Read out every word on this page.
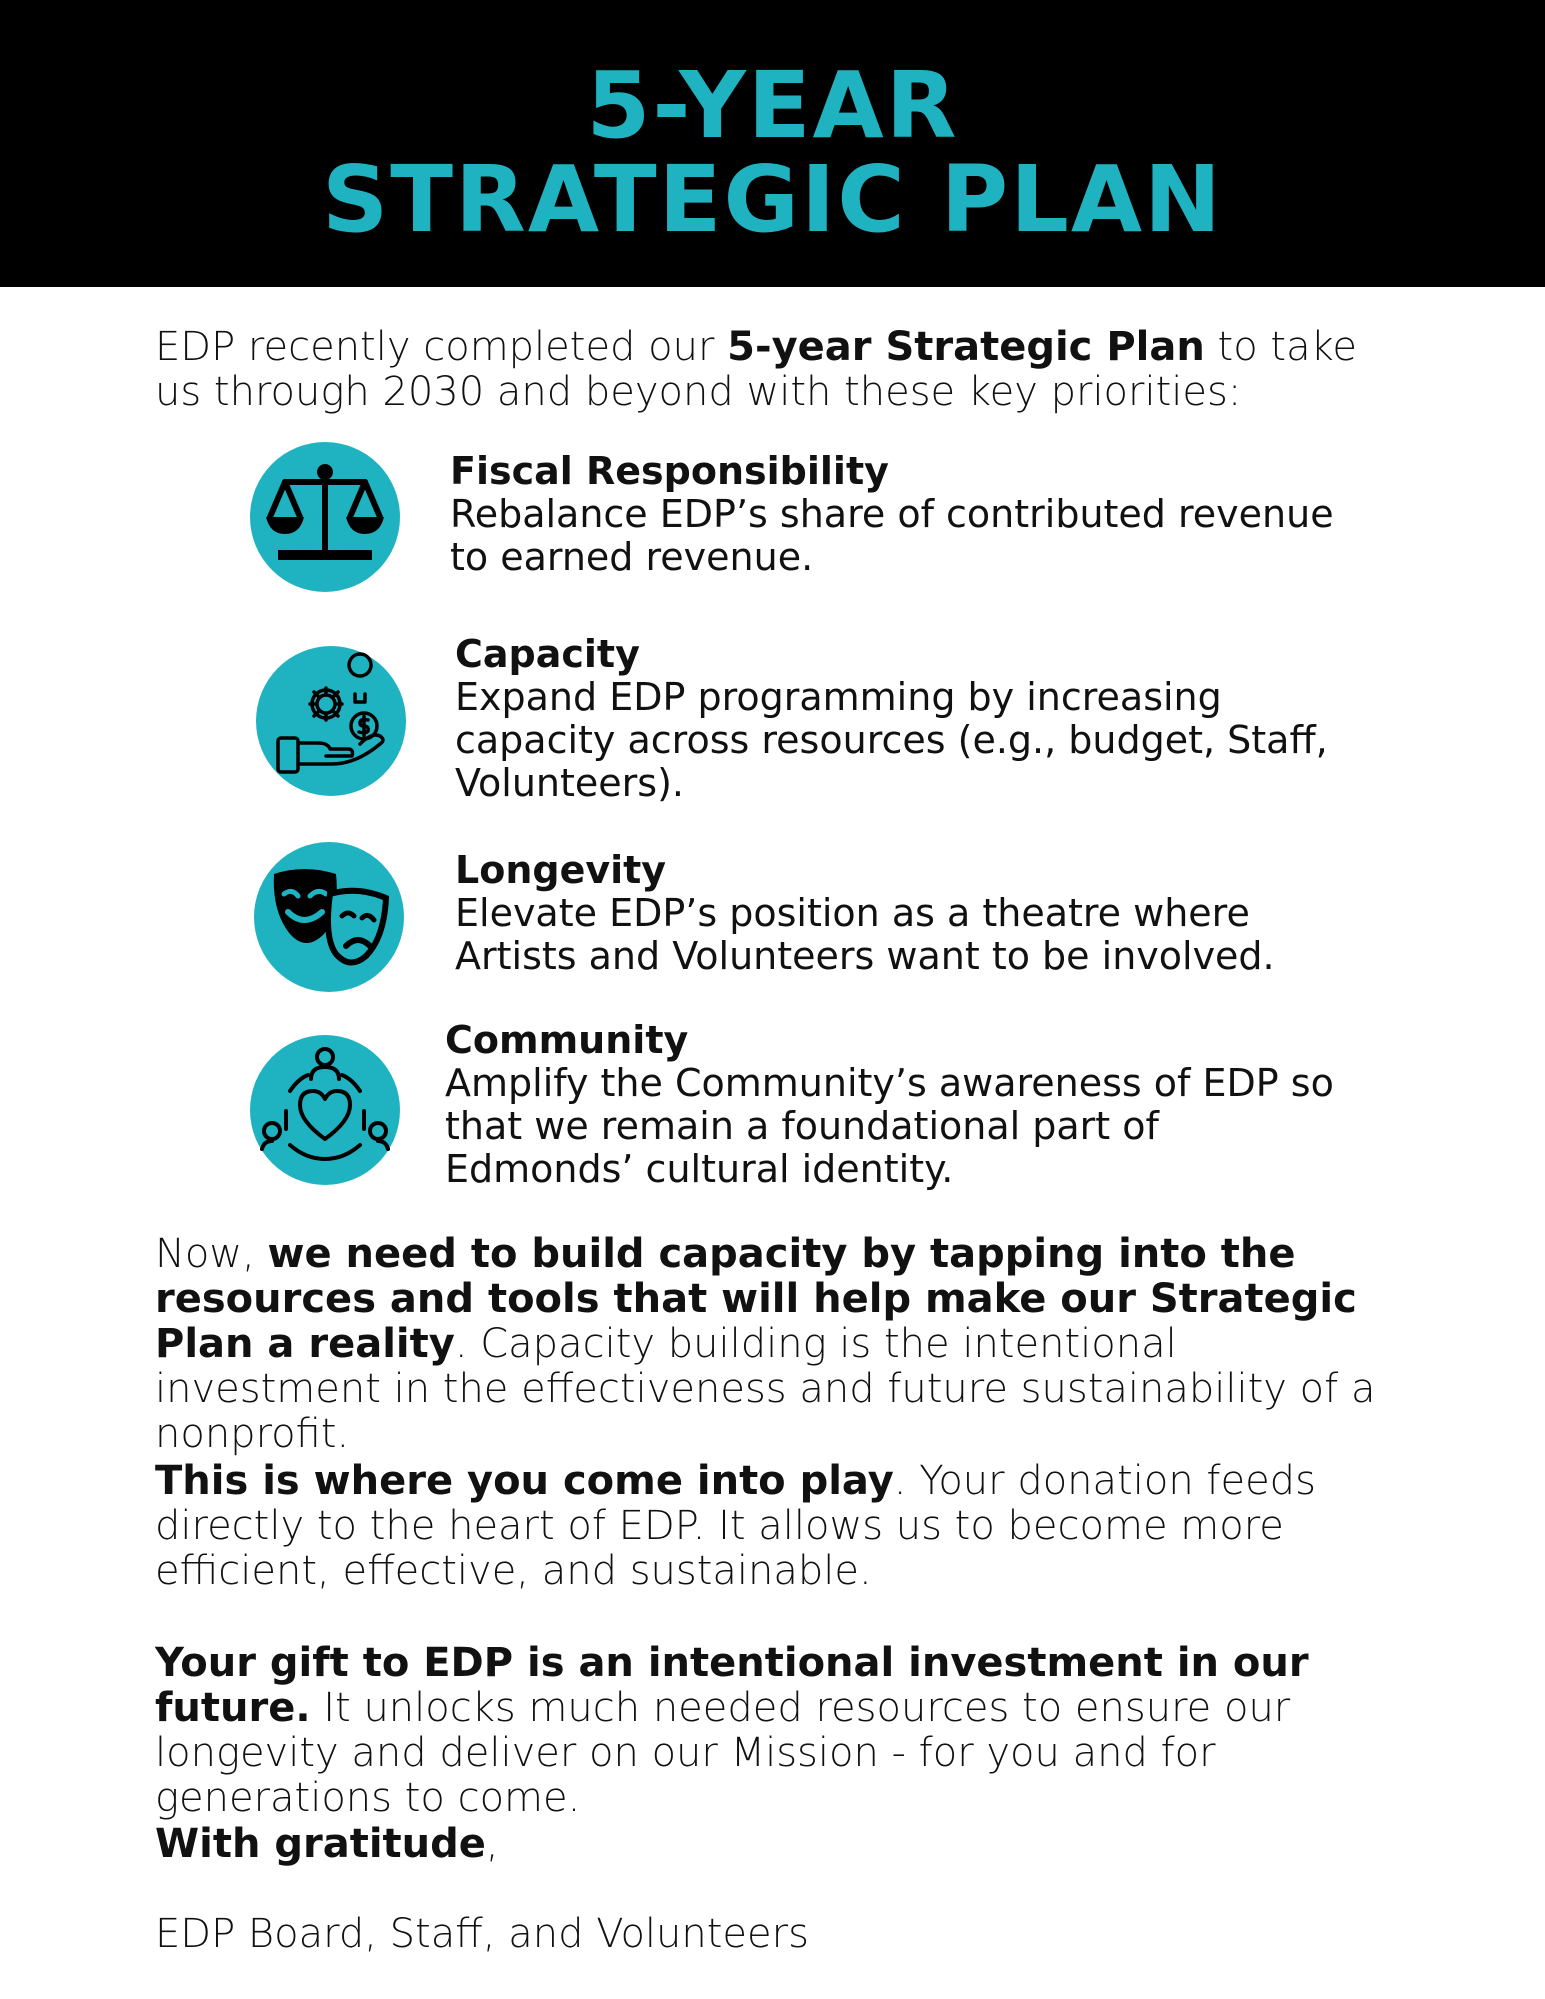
5-YEAR
STRATEGIC PLAN

EDP recently completed our 5-year Strategic Plan to take us through 2030 and beyond with these key priorities:

Fiscal Responsibility
Rebalance EDP’s share of contributed revenue to earned revenue.
Capacity
Expand EDP programming by increasing capacity across resources (e.g., budget, Staff, Volunteers).
Longevity
Elevate EDP’s position as a theatre where Artists and Volunteers want to be involved.
Community
Amplify the Community’s awareness of EDP so that we remain a foundational part of Edmonds’ cultural identity.

Now, we need to build capacity by tapping into the resources and tools that will help make our Strategic Plan a reality. Capacity building is the intentional investment in the effectiveness and future sustainability of a nonprofit.

This is where you come into play. Your donation feeds directly to the heart of EDP. It allows us to become more efficient, effective, and sustainable.

Your gift to EDP is an intentional investment in our future. It unlocks much needed resources to ensure our longevity and deliver on our Mission - for you and for generations to come.

With gratitude,

EDP Board, Staff, and Volunteers
